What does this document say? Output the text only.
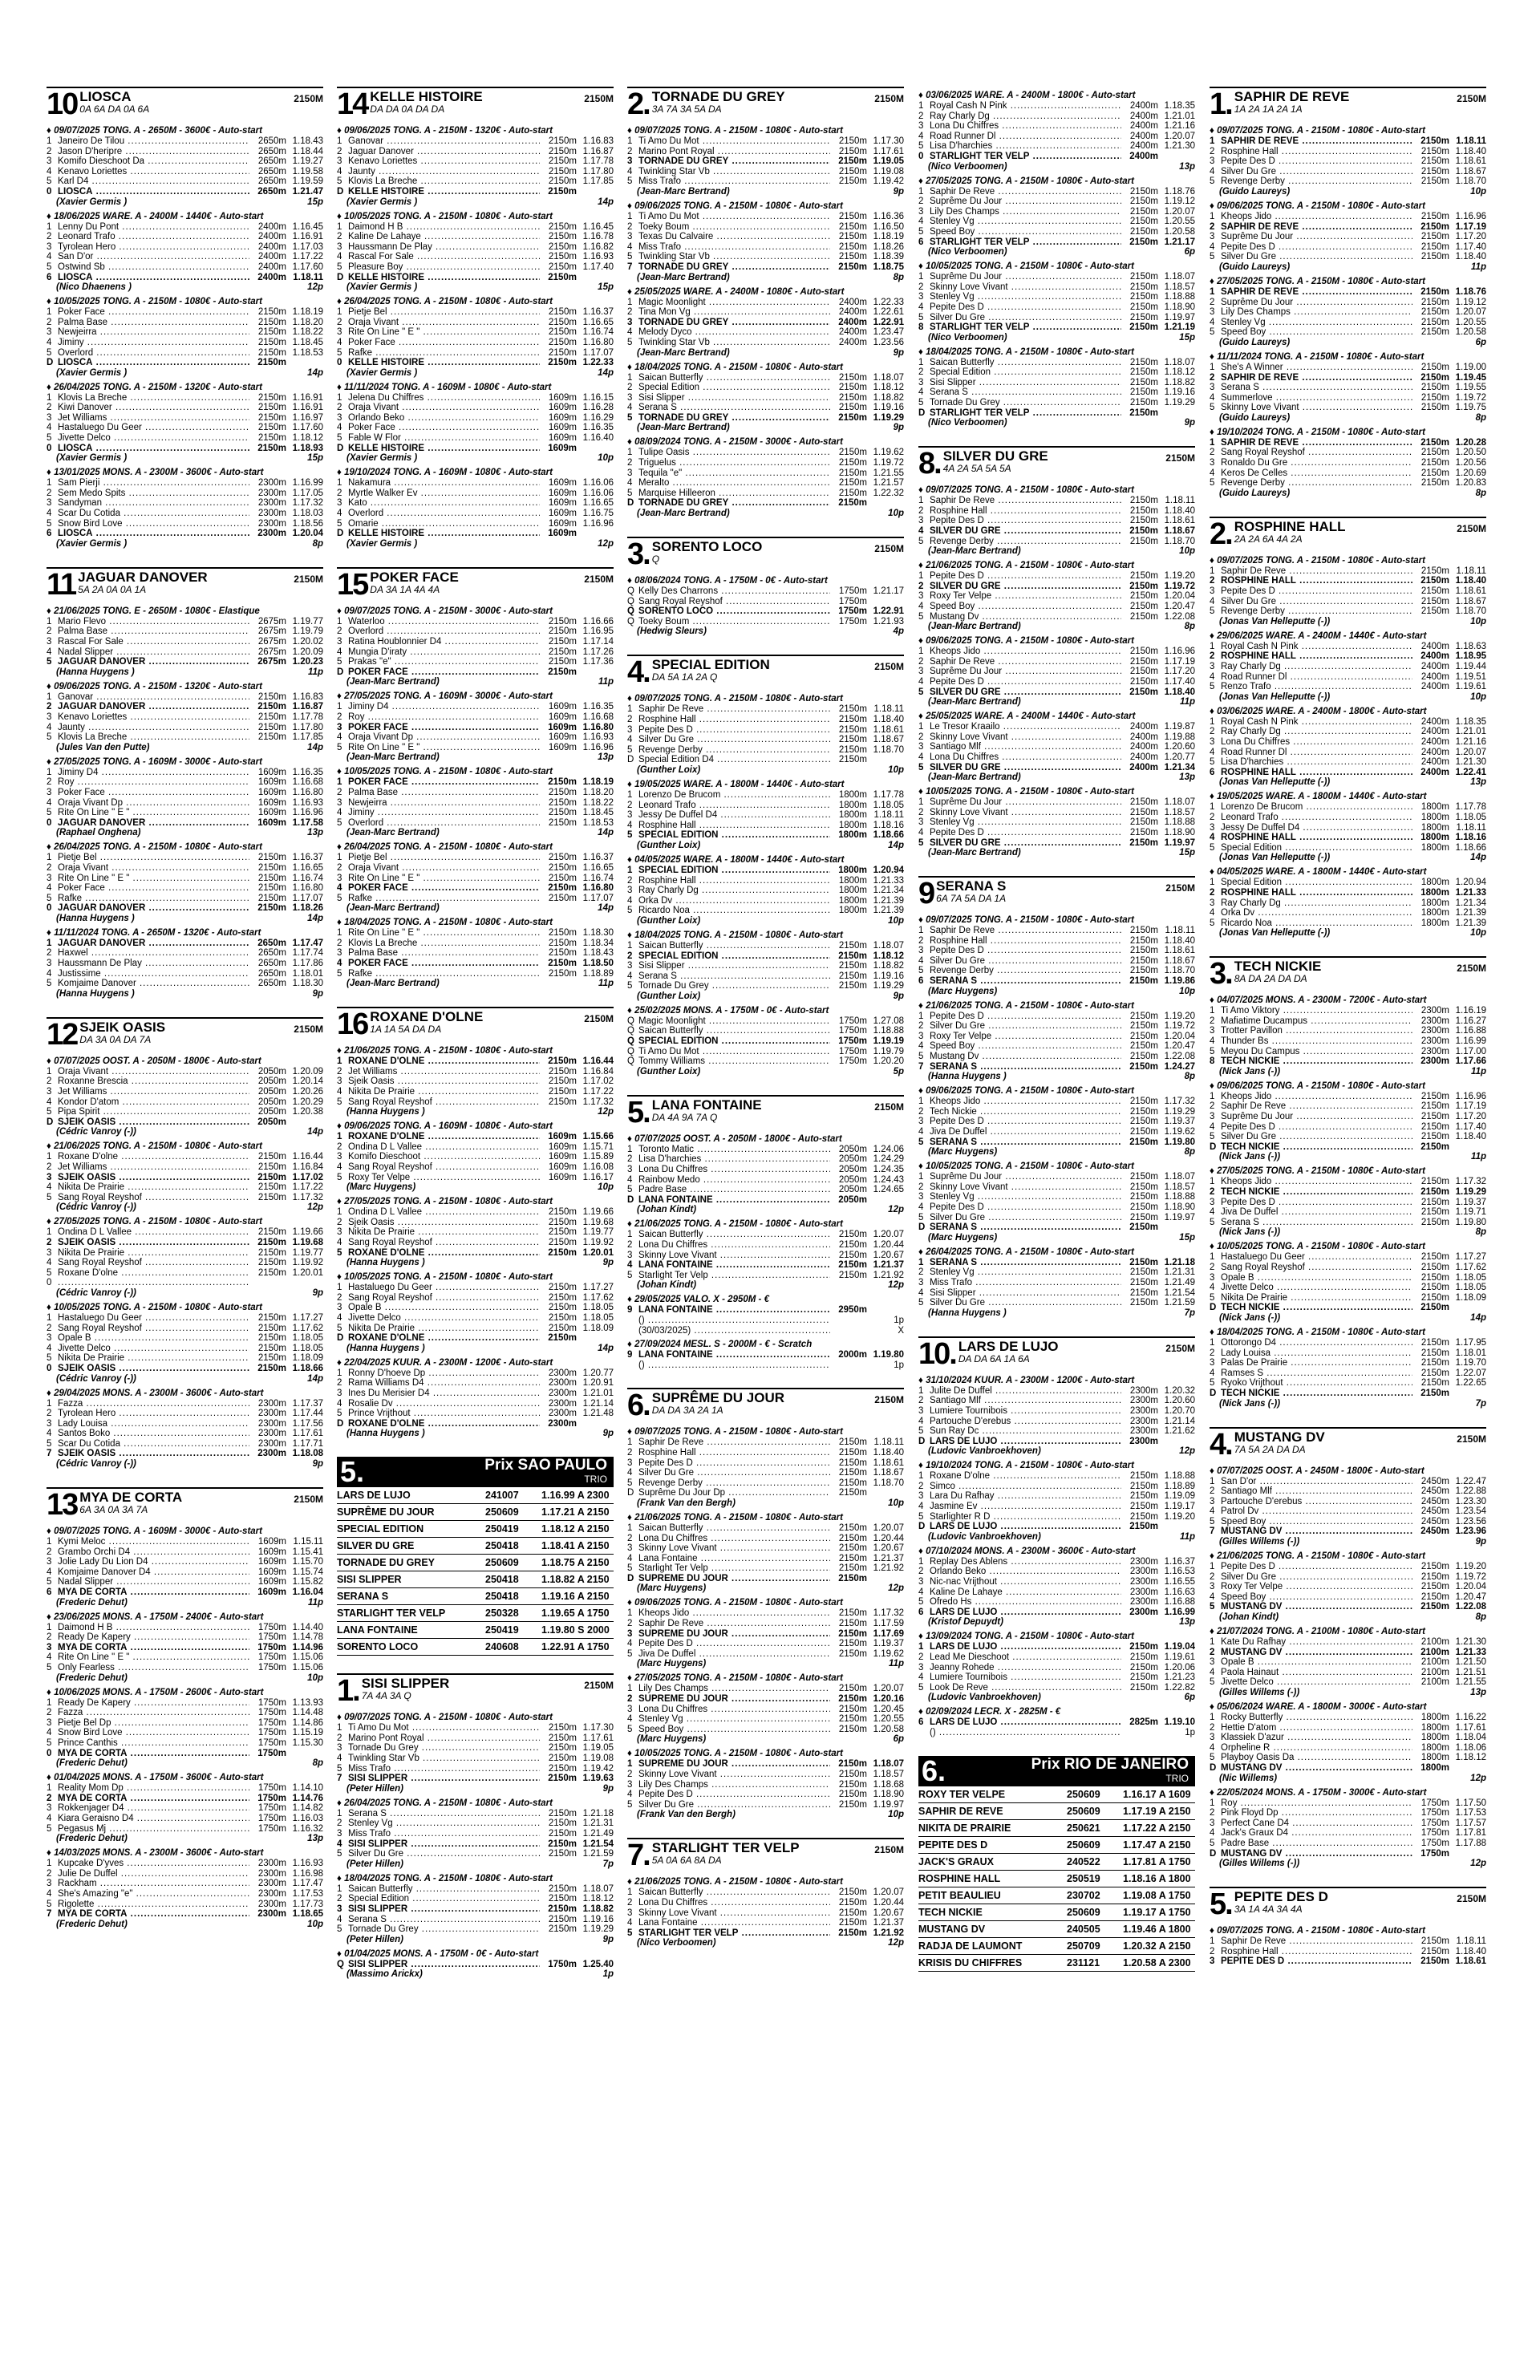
10 LIOSCA
0A 6A DA 0A 6A
2150M
♦ 09/07/2025 TONG. A - 2650M - 3600€ - Auto-start
1 Janeiro De Tilou .....	2650m 1.18.43
2 Jason D'heripre .....	2650m 1.18.44
3 Komifo Dieschoot Da .....	2650m 1.19.27
4 Kenavo Loriettes .....	2650m 1.19.58
5 Karl D4 .....	2650m 1.19.59
0 LIOSCA .....	2650m 1.21.47
(Xavier Germis )	15p
♦ 18/06/2025 WARE. A - 2400M - 1440€ - Auto-start
1 Lenny Du Pont .....	2400m 1.16.45
2 Leonard Trafo .....	2400m 1.16.91
3 Tyrolean Hero .....	2400m 1.17.03
4 San D'or .....	2400m 1.17.22
5 Ostwind Sb .....	2400m 1.17.60
6 LIOSCA .....	2400m 1.18.11
(Nico Dhaenens )	12p
♦ 10/05/2025 TONG. A - 2150M - 1080€ - Auto-start
1 Poker Face .....	2150m 1.18.19
2 Palma Base .....	2150m 1.18.20
3 Newjeirra .....	2150m 1.18.22
4 Jiminy .....	2150m 1.18.45
5 Overlord .....	2150m 1.18.53
D LIOSCA .....	2150m
(Xavier Germis )	14p
♦ 26/04/2025 TONG. A - 2150M - 1320€ - Auto-start
1 Klovis La Breche .....	2150m 1.16.91
2 Kiwi Danover .....	2150m 1.16.91
3 Jet Williams .....	2150m 1.16.97
4 Hastaluego Du Geer .....	2150m 1.17.60
5 Jivette Delco .....	2150m 1.18.12
0 LIOSCA .....	2150m 1.18.93
(Xavier Germis )	15p
♦ 13/01/2025 MONS. A - 2300M - 3600€ - Auto-start
1 Sam Pierji .....	2300m 1.16.99
2 Sem Medo Spits .....	2300m 1.17.05
3 Sandyman .....	2300m 1.17.32
4 Scar Du Cotida .....	2300m 1.18.03
5 Snow Bird Love .....	2300m 1.18.56
6 LIOSCA .....	2300m 1.20.04
(Xavier Germis )	8p
11 JAGUAR DANOVER
5A 2A 0A 0A 1A
2150M
♦ 21/06/2025 TONG. E - 2650M - 1080€ - Elastique
1 Mario Flevo .....	2675m 1.19.77
2 Palma Base .....	2675m 1.19.79
3 Rascal For Sale .....	2675m 1.20.02
4 Nadal Slipper .....	2675m 1.20.09
5 JAGUAR DANOVER .....	2675m 1.20.23
(Hanna Huygens )	11p
♦ 09/06/2025 TONG. A - 2150M - 1320€ - Auto-start
1 Ganovar .....	2150m 1.16.83
2 JAGUAR DANOVER .....	2150m 1.16.87
3 Kenavo Loriettes .....	2150m 1.17.78
4 Jaunty .....	2150m 1.17.80
5 Klovis La Breche .....	2150m 1.17.85
(Jules Van den Putte)	14p
♦ 27/05/2025 TONG. A - 1609M - 3000€ - Auto-start
1 Jiminy D4 .....	1609m 1.16.35
2 Roy .....	1609m 1.16.68
3 Poker Face .....	1609m 1.16.80
4 Oraja Vivant Dp .....	1609m 1.16.93
5 Rite On Line " E " .....	1609m 1.16.96
0 JAGUAR DANOVER .....	1609m 1.17.58
(Raphael Onghena)	13p
♦ 26/04/2025 TONG. A - 2150M - 1080€ - Auto-start
1 Pietje Bel .....	2150m 1.16.37
2 Oraja Vivant .....	2150m 1.16.65
3 Rite On Line " E " .....	2150m 1.16.74
4 Poker Face .....	2150m 1.16.80
5 Rafke .....	2150m 1.17.07
0 JAGUAR DANOVER .....	2150m 1.18.26
(Hanna Huygens )	14p
♦ 11/11/2024 TONG. A - 2650M - 1320€ - Auto-start
1 JAGUAR DANOVER .....	2650m 1.17.47
2 Haxwel .....	2650m 1.17.74
3 Haussmann De Play .....	2650m 1.17.86
4 Justissime .....	2650m 1.18.01
5 Komjaime Danover .....	2650m 1.18.30
(Hanna Huygens )	9p
12 SJEIK OASIS
DA 3A 0A DA 7A
2150M
♦ 07/07/2025 OOST. A - 2050M - 1800€ - Auto-start
1 Oraja Vivant .....	2050m 1.20.09
2 Roxanne Brescia .....	2050m 1.20.14
3 Jet Williams .....	2050m 1.20.26
4 Kondor D'atom .....	2050m 1.20.29
5 Pipa Spirit .....	2050m 1.20.38
D SJEIK OASIS .....	2050m
(Cédric Vanroy (-))	14p
♦ 21/06/2025 TONG. A - 2150M - 1080€ - Auto-start
1 Roxane D'olne .....	2150m 1.16.44
2 Jet Williams .....	2150m 1.16.84
3 SJEIK OASIS .....	2150m 1.17.02
4 Nikita De Prairie .....	2150m 1.17.22
5 Sang Royal Reyshof .....	2150m 1.17.32
(Cédric Vanroy (-))	12p
♦ 27/05/2025 TONG. A - 2150M - 1080€ - Auto-start
1 Ondina D L Vallee .....	2150m 1.19.66
2 SJEIK OASIS .....	2150m 1.19.68
3 Nikita De Prairie .....	2150m 1.19.77
4 Sang Royal Reyshof .....	2150m 1.19.92
5 Roxane D'olne .....	2150m 1.20.01
0
.....
(Cédric Vanroy (-))	9p
♦ 10/05/2025 TONG. A - 2150M - 1080€ - Auto-start
1 Hastaluego Du Geer .....	2150m 1.17.27
2 Sang Royal Reyshof .....	2150m 1.17.62
3 Opale B .....	2150m 1.18.05
4 Jivette Delco .....	2150m 1.18.05
5 Nikita De Prairie .....	2150m 1.18.09
0 SJEIK OASIS .....	2150m 1.18.66
(Cédric Vanroy (-))	14p
♦ 29/04/2025 MONS. A - 2300M - 3600€ - Auto-start
1 Fazza .....	2300m 1.17.37
2 Tyrolean Hero .....	2300m 1.17.44
3 Lady Louisa .....	2300m 1.17.56
4 Santos Boko .....	2300m 1.17.61
5 Scar Du Cotida .....	2300m 1.17.71
7 SJEIK OASIS .....	2300m 1.18.08
(Cédric Vanroy (-))	9p
13 MYA DE CORTA
6A 3A 0A 3A 7A
2150M
♦ 09/07/2025 TONG. A - 1609M - 3000€ - Auto-start
1 Kymi Meloc .....	1609m 1.15.11
2 Grambo Orchi D4 .....	1609m 1.15.41
3 Jolie Lady Du Lion D4 .....	1609m 1.15.70
4 Komjaime Danover D4 .....	1609m 1.15.74
5 Nadal Slipper .....	1609m 1.15.82
6 MYA DE CORTA .....	1609m 1.16.04
(Frederic Dehut)	11p
♦ 23/06/2025 MONS. A - 1750M - 2400€ - Auto-start
1 Daimond H B .....	1750m 1.14.40
2 Ready De Kapery .....	1750m 1.14.78
3 MYA DE CORTA .....	1750m 1.14.96
4 Rite On Line " E " .....	1750m 1.15.06
5 Only Fearless .....	1750m 1.15.06
(Frederic Dehut)	10p
♦ 10/06/2025 MONS. A - 1750M - 2600€ - Auto-start
1 Ready De Kapery .....	1750m 1.13.93
2 Fazza .....	1750m 1.14.48
3 Pietje Bel Dp .....	1750m 1.14.86
4 Snow Bird Love .....	1750m 1.15.19
5 Prince Canthis .....	1750m 1.15.30
0 MYA DE CORTA .....	1750m
(Frederic Dehut)	8p
♦ 01/04/2025 MONS. A - 1750M - 3600€ - Auto-start
1 Reality Mom Dp .....	1750m 1.14.10
2 MYA DE CORTA .....	1750m 1.14.76
3 Rokkenjager D4 .....	1750m 1.14.82
4 Kiara Geraisno D4 .....	1750m 1.16.03
5 Pegasus Mj .....	1750m 1.16.32
(Frederic Dehut)	13p
♦ 14/03/2025 MONS. A - 2300M - 3600€ - Auto-start
1 Kupcake D'yves .....	2300m 1.16.93
2 Julie De Duffel .....	2300m 1.16.98
3 Rackham .....	2300m 1.17.47
4 She's Amazing "e" .....	2300m 1.17.53
5 Rigolette .....	2300m 1.17.73
7 MYA DE CORTA .....	2300m 1.18.65
(Frederic Dehut)	10p
14 KELLE HISTOIRE
DA DA 0A DA DA
2150M
♦ 09/06/2025 TONG. A - 2150M - 1320€ - Auto-start
1 Ganovar .....	2150m 1.16.83
2 Jaguar Danover .....	2150m 1.16.87
3 Kenavo Loriettes .....	2150m 1.17.78
4 Jaunty .....	2150m 1.17.80
5 Klovis La Breche .....	2150m 1.17.85
D KELLE HISTOIRE .....	2150m
(Xavier Germis )	14p
♦ 10/05/2025 TONG. A - 2150M - 1080€ - Auto-start
1 Daimond H B .....	2150m 1.16.45
2 Kaline De Lahaye .....	2150m 1.16.78
3 Haussmann De Play .....	2150m 1.16.82
4 Rascal For Sale .....	2150m 1.16.93
5 Pleasure Boy .....	2150m 1.17.40
D KELLE HISTOIRE .....	2150m
(Xavier Germis )	15p
♦ 26/04/2025 TONG. A - 2150M - 1080€ - Auto-start
1 Pietje Bel .....	2150m 1.16.37
2 Oraja Vivant .....	2150m 1.16.65
3 Rite On Line " E " .....	2150m 1.16.74
4 Poker Face .....	2150m 1.16.80
5 Rafke .....	2150m 1.17.07
0 KELLE HISTOIRE .....	2150m 1.22.33
(Xavier Germis )	14p
♦ 11/11/2024 TONG. A - 1609M - 1080€ - Auto-start
1 Jelena Du Chiffres .....	1609m 1.16.15
2 Oraja Vivant .....	1609m 1.16.28
3 Orlando Beko .....	1609m 1.16.29
4 Poker Face .....	1609m 1.16.35
5 Fable W Flor .....	1609m 1.16.40
D KELLE HISTOIRE .....	1609m
(Xavier Germis )	10p
♦ 19/10/2024 TONG. A - 1609M - 1080€ - Auto-start
1 Nakamura .....	1609m 1.16.06
2 Myrtle Walker Ev .....	1609m 1.16.06
3 Kato .....	1609m 1.16.65
4 Overlord .....	1609m 1.16.75
5 Omarie .....	1609m 1.16.96
D KELLE HISTOIRE .....	1609m
(Xavier Germis )	12p
15 POKER FACE
DA 3A 1A 4A 4A
2150M
♦ 09/07/2025 TONG. A - 2150M - 3000€ - Auto-start
1 Waterloo .....	2150m 1.16.66
2 Overlord .....	2150m 1.16.95
3 Ratina Houblonnier D4 .....	2150m 1.17.14
4 Mungia D'iraty .....	2150m 1.17.26
5 Prakas "e" .....	2150m 1.17.36
D POKER FACE .....	2150m
(Jean-Marc Bertrand)	11p
♦ 27/05/2025 TONG. A - 1609M - 3000€ - Auto-start
1 Jiminy D4 .....	1609m 1.16.35
2 Roy .....	1609m 1.16.68
3 POKER FACE .....	1609m 1.16.80
4 Oraja Vivant Dp .....	1609m 1.16.93
5 Rite On Line " E " .....	1609m 1.16.96
(Jean-Marc Bertrand)	13p
♦ 10/05/2025 TONG. A - 2150M - 1080€ - Auto-start
1 POKER FACE .....	2150m 1.18.19
2 Palma Base .....	2150m 1.18.20
3 Newjeirra .....	2150m 1.18.22
4 Jiminy .....	2150m 1.18.45
5 Overlord .....	2150m 1.18.53
(Jean-Marc Bertrand)	14p
♦ 26/04/2025 TONG. A - 2150M - 1080€ - Auto-start
1 Pietje Bel .....	2150m 1.16.37
2 Oraja Vivant .....	2150m 1.16.65
3 Rite On Line " E " .....	2150m 1.16.74
4 POKER FACE .....	2150m 1.16.80
5 Rafke .....	2150m 1.17.07
(Jean-Marc Bertrand)	14p
♦ 18/04/2025 TONG. A - 2150M - 1080€ - Auto-start
1 Rite On Line " E " .....	2150m 1.18.30
2 Klovis La Breche .....	2150m 1.18.34
3 Palma Base .....	2150m 1.18.43
4 POKER FACE .....	2150m 1.18.50
5 Rafke .....	2150m 1.18.89
(Jean-Marc Bertrand)	11p
16 ROXANE D'OLNE
1A 1A 5A DA DA
2150M
♦ 21/06/2025 TONG. A - 2150M - 1080€ - Auto-start
1 ROXANE D'OLNE .....	2150m 1.16.44
2 Jet Williams .....	2150m 1.16.84
3 Sjeik Oasis .....	2150m 1.17.02
4 Nikita De Prairie .....	2150m 1.17.22
5 Sang Royal Reyshof .....	2150m 1.17.32
(Hanna Huygens )	12p
♦ 09/06/2025 TONG. A - 1609M - 1080€ - Auto-start
1 ROXANE D'OLNE .....	1609m 1.15.66
2 Ondina D L Vallee .....	1609m 1.15.71
3 Komifo Dieschoot .....	1609m 1.15.89
4 Sang Royal Reyshof .....	1609m 1.16.08
5 Roxy Ter Velpe .....	1609m 1.16.17
(Marc Huygens)	10p
♦ 27/05/2025 TONG. A - 2150M - 1080€ - Auto-start
1 Ondina D L Vallee .....	2150m 1.19.66
2 Sjeik Oasis .....	2150m 1.19.68
3 Nikita De Prairie .....	2150m 1.19.77
4 Sang Royal Reyshof .....	2150m 1.19.92
5 ROXANE D'OLNE .....	2150m 1.20.01
(Hanna Huygens )	9p
♦ 10/05/2025 TONG. A - 2150M - 1080€ - Auto-start
1 Hastaluego Du Geer .....	2150m 1.17.27
2 Sang Royal Reyshof .....	2150m 1.17.62
3 Opale B .....	2150m 1.18.05
4 Jivette Delco .....	2150m 1.18.05
5 Nikita De Prairie .....	2150m 1.18.09
D ROXANE D'OLNE .....	2150m
(Hanna Huygens )	14p
♦ 22/04/2025 KUUR. A - 2300M - 1200€ - Auto-start
1 Ronny D'hoeve Dp .....	2300m 1.20.77
2 Rama Williams D4 .....	2300m 1.20.91
3 Ines Du Merisier D4 .....	2300m 1.21.01
4 Rosalie Dv .....	2300m 1.21.14
5 Prince Vrijthout .....	2300m 1.21.48
D ROXANE D'OLNE .....	2300m
(Hanna Huygens )	9p
5 .	Prix SAO PAULO
TRIO
LARS DE LUJO	241007	1.16.99 A 2300
SUPRÊME DU JOUR	250609	1.17.21 A 2150
SPECIAL EDITION	250419	1.18.12 A 2150
SILVER DU GRE	250418	1.18.41 A 2150
TORNADE DU GREY	250609	1.18.75 A 2150
SISI SLIPPER	250418	1.18.82 A 2150
SERANA S	250418	1.19.16 A 2150
STARLIGHT TER VELP	250328	1.19.65 A 1750
LANA FONTAINE	250419	1.19.80 S 2000
SORENTO LOCO	240608	1.22.91 A 1750
1 . SISI SLIPPER
7A 4A 3A Q
2150M
♦ 09/07/2025 TONG. A - 2150M - 1080€ - Auto-start
1 Ti Amo Du Mot .....	2150m 1.17.30
2 Marino Pont Royal .....	2150m 1.17.61
3 Tornade Du Grey .....	2150m 1.19.05
4 Twinkling Star Vb .....	2150m 1.19.08
5 Miss Trafo .....	2150m 1.19.42
7 SISI SLIPPER .....	2150m 1.19.63
(Peter Hillen)	9p
♦ 26/04/2025 TONG. A - 2150M - 1080€ - Auto-start
1 Serana S .....	2150m 1.21.18
2 Stenley Vg .....	2150m 1.21.31
3 Miss Trafo .....	2150m 1.21.49
4 SISI SLIPPER .....	2150m 1.21.54
5 Silver Du Gre .....	2150m 1.21.59
(Peter Hillen)	7p
♦ 18/04/2025 TONG. A - 2150M - 1080€ - Auto-start
1 Saican Butterfly .....	2150m 1.18.07
2 Special Edition .....	2150m 1.18.12
3 SISI SLIPPER .....	2150m 1.18.82
4 Serana S .....	2150m 1.19.16
5 Tornade Du Grey .....	2150m 1.19.29
(Peter Hillen)	9p
♦ 01/04/2025 MONS. A - 1750M - 0€ - Auto-start
Q SISI SLIPPER .....	1750m 1.25.40
(Massimo Arickx)	1p
2 . TORNADE DU GREY
3A 7A 3A 5A DA
2150M
♦ 09/07/2025 TONG. A - 2150M - 1080€ - Auto-start
1 Ti Amo Du Mot .....	2150m 1.17.30
2 Marino Pont Royal .....	2150m 1.17.61
3 TORNADE DU GREY .....	2150m 1.19.05
4 Twinkling Star Vb .....	2150m 1.19.08
5 Miss Trafo .....	2150m 1.19.42
(Jean-Marc Bertrand)	9p
♦ 09/06/2025 TONG. A - 2150M - 1080€ - Auto-start
1 Ti Amo Du Mot .....	2150m 1.16.36
2 Toeky Boum .....	2150m 1.16.50
3 Texas Du Calvaire .....	2150m 1.18.19
4 Miss Trafo .....	2150m 1.18.26
5 Twinkling Star Vb .....	2150m 1.18.39
7 TORNADE DU GREY .....	2150m 1.18.75
(Jean-Marc Bertrand)	8p
♦ 25/05/2025 WARE. A - 2400M - 1080€ - Auto-start
1 Magic Moonlight .....	2400m 1.22.33
2 Tina Mon Vg .....	2400m 1.22.61
3 TORNADE DU GREY .....	2400m 1.22.91
4 Melody Dyco .....	2400m 1.23.47
5 Twinkling Star Vb .....	2400m 1.23.56
(Jean-Marc Bertrand)	9p
♦ 18/04/2025 TONG. A - 2150M - 1080€ - Auto-start
1 Saican Butterfly .....	2150m 1.18.07
2 Special Edition .....	2150m 1.18.12
3 Sisi Slipper .....	2150m 1.18.82
4 Serana S .....	2150m 1.19.16
5 TORNADE DU GREY .....	2150m 1.19.29
(Jean-Marc Bertrand)	9p
♦ 08/09/2024 TONG. A - 2150M - 3000€ - Auto-start
1 Tulipe Oasis .....	2150m 1.19.62
2 Triguelus .....	2150m 1.19.72
3 Tequila "e" .....	2150m 1.21.55
4 Meralto .....	2150m 1.21.57
5 Marquise Hilleeron .....	2150m 1.22.32
D TORNADE DU GREY .....	2150m
(Jean-Marc Bertrand)	10p
3 . SORENTO LOCO
Q
2150M
♦ 08/06/2024 TONG. A - 1750M - 0€ - Auto-start
Q Kelly Des Charrons .....	1750m 1.21.17
Q Sang Royal Reyshof .....	1750m
Q SORENTO LOCO .....	1750m 1.22.91
Q Toeky Boum .....	1750m 1.21.93
(Hedwig Sleurs)	4p
4 . SPECIAL EDITION
DA 5A 1A 2A Q
2150M
♦ 09/07/2025 TONG. A - 2150M - 1080€ - Auto-start
1 Saphir De Reve .....	2150m 1.18.11
2 Rosphine Hall .....	2150m 1.18.40
3 Pepite Des D .....	2150m 1.18.61
4 Silver Du Gre .....	2150m 1.18.67
5 Revenge Derby .....	2150m 1.18.70
D Special Edition D4 .....	2150m
(Gunther Loix)	10p
♦ 19/05/2025 WARE. A - 1800M - 1440€ - Auto-start
1 Lorenzo De Brucom .....	1800m 1.17.78
2 Leonard Trafo .....	1800m 1.18.05
3 Jessy De Duffel D4 .....	1800m 1.18.11
4 Rosphine Hall .....	1800m 1.18.16
5 SPECIAL EDITION .....	1800m 1.18.66
(Gunther Loix)	14p
♦ 04/05/2025 WARE. A - 1800M - 1440€ - Auto-start
1 SPECIAL EDITION .....	1800m 1.20.94
2 Rosphine Hall .....	1800m 1.21.33
3 Ray Charly Dg .....	1800m 1.21.34
4 Orka Dv .....	1800m 1.21.39
5 Ricardo Noa .....	1800m 1.21.39
(Gunther Loix)	10p
♦ 18/04/2025 TONG. A - 2150M - 1080€ - Auto-start
1 Saican Butterfly .....	2150m 1.18.07
2 SPECIAL EDITION .....	2150m 1.18.12
3 Sisi Slipper .....	2150m 1.18.82
4 Serana S .....	2150m 1.19.16
5 Tornade Du Grey .....	2150m 1.19.29
(Gunther Loix)	9p
♦ 25/02/2025 MONS. A - 1750M - 0€ - Auto-start
Q Magic Moonlight .....	1750m 1.27.08
Q Saican Butterfly .....	1750m 1.18.88
Q SPECIAL EDITION .....	1750m 1.19.19
Q Ti Amo Du Mot .....	1750m 1.19.79
Q Tommy Williams .....	1750m 1.20.20
(Gunther Loix)	5p
5 . LANA FONTAINE
DA 4A 9A 7A Q
2150M
♦ 07/07/2025 OOST. A - 2050M - 1800€ - Auto-start
1 Toronto Matic .....	2050m 1.24.06
2 Lisa D'harchies .....	2050m 1.24.29
3 Lona Du Chiffres .....	2050m 1.24.35
4 Rainbow Medo .....	2050m 1.24.43
5 Padre Base .....	2050m 1.24.65
D LANA FONTAINE .....	2050m
(Johan Kindt)	12p
♦ 21/06/2025 TONG. A - 2150M - 1080€ - Auto-start
1 Saican Butterfly .....	2150m 1.20.07
2 Lona Du Chiffres .....	2150m 1.20.44
3 Skinny Love Vivant .....	2150m 1.20.67
4 LANA FONTAINE .....	2150m 1.21.37
5 Starlight Ter Velp .....	2150m 1.21.92
(Johan Kindt)	12p
♦ 29/05/2025 VALO. X - 2950M - €
9 LANA FONTAINE .....	2950m
() .....	1p
(30/03/2025) .....	X
♦ 27/09/2024 MESL. S - 2000M - € - Scratch
9 LANA FONTAINE .....	2000m 1.19.80
() .....	1p
6 . SUPRÊME DU JOUR
DA DA 3A 2A 1A
2150M
♦ 09/07/2025 TONG. A - 2150M - 1080€ - Auto-start
1 Saphir De Reve .....	2150m 1.18.11
2 Rosphine Hall .....	2150m 1.18.40
3 Pepite Des D .....	2150m 1.18.61
4 Silver Du Gre .....	2150m 1.18.67
5 Revenge Derby .....	2150m 1.18.70
D Suprême Du Jour Dp .....	2150m
(Frank Van den Bergh)	10p
♦ 21/06/2025 TONG. A - 2150M - 1080€ - Auto-start
1 Saican Butterfly .....	2150m 1.20.07
2 Lona Du Chiffres .....	2150m 1.20.44
3 Skinny Love Vivant .....	2150m 1.20.67
4 Lana Fontaine .....	2150m 1.21.37
5 Starlight Ter Velp .....	2150m 1.21.92
D SUPRÊME DU JOUR .....	2150m
(Marc Huygens)	12p
♦ 09/06/2025 TONG. A - 2150M - 1080€ - Auto-start
1 Kheops Jido .....	2150m 1.17.32
2 Saphir De Reve .....	2150m 1.17.59
3 SUPRÊME DU JOUR .....	2150m 1.17.69
4 Pepite Des D .....	2150m 1.19.37
5 Jiva De Duffel .....	2150m 1.19.62
(Marc Huygens)	11p
♦ 27/05/2025 TONG. A - 2150M - 1080€ - Auto-start
1 Lily Des Champs .....	2150m 1.20.07
2 SUPRÊME DU JOUR .....	2150m 1.20.16
3 Lona Du Chiffres .....	2150m 1.20.45
4 Stenley Vg .....	2150m 1.20.55
5 Speed Boy .....	2150m 1.20.58
(Marc Huygens)	6p
♦ 10/05/2025 TONG. A - 2150M - 1080€ - Auto-start
1 SUPRÊME DU JOUR .....	2150m 1.18.07
2 Skinny Love Vivant .....	2150m 1.18.57
3 Lily Des Champs .....	2150m 1.18.68
4 Pepite Des D .....	2150m 1.18.90
5 Silver Du Gre .....	2150m 1.19.97
(Frank Van den Bergh)	10p
7 . STARLIGHT TER VELP
5A 0A 6A 8A DA
2150M
♦ 21/06/2025 TONG. A - 2150M - 1080€ - Auto-start
1 Saican Butterfly .....	2150m 1.20.07
2 Lona Du Chiffres .....	2150m 1.20.44
3 Skinny Love Vivant .....	2150m 1.20.67
4 Lana Fontaine .....	2150m 1.21.37
5 STARLIGHT TER VELP .....	2150m 1.21.92
(Nico Verboomen)	12p
♦ 03/06/2025 WARE. A - 2400M - 1800€ - Auto-start
1 Royal Cash N Pink .....	2400m 1.18.35
2 Ray Charly Dg .....	2400m 1.21.01
3 Lona Du Chiffres .....	2400m 1.21.16
4 Road Runner Dl .....	2400m 1.20.07
5 Lisa D'harchies .....	2400m 1.21.30
0 STARLIGHT TER VELP .....	2400m
(Nico Verboomen)	13p
♦ 27/05/2025 TONG. A - 2150M - 1080€ - Auto-start
1 Saphir De Reve .....	2150m 1.18.76
2 Suprême Du Jour .....	2150m 1.19.12
3 Lily Des Champs .....	2150m 1.20.07
4 Stenley Vg .....	2150m 1.20.55
5 Speed Boy .....	2150m 1.20.58
6 STARLIGHT TER VELP .....	2150m 1.21.17
(Nico Verboomen)	6p
♦ 10/05/2025 TONG. A - 2150M - 1080€ - Auto-start
1 Suprême Du Jour .....	2150m 1.18.07
2 Skinny Love Vivant .....	2150m 1.18.57
3 Stenley Vg .....	2150m 1.18.88
4 Pepite Des D .....	2150m 1.18.90
5 Silver Du Gre .....	2150m 1.19.97
8 STARLIGHT TER VELP .....	2150m 1.21.19
(Nico Verboomen)	15p
♦ 18/04/2025 TONG. A - 2150M - 1080€ - Auto-start
1 Saican Butterfly .....	2150m 1.18.07
2 Special Edition .....	2150m 1.18.12
3 Sisi Slipper .....	2150m 1.18.82
4 Serana S .....	2150m 1.19.16
5 Tornade Du Grey .....	2150m 1.19.29
D STARLIGHT TER VELP .....	2150m
(Nico Verboomen)	9p
8 . SILVER DU GRE
4A 2A 5A 5A 5A
2150M
♦ 09/07/2025 TONG. A - 2150M - 1080€ - Auto-start
1 Saphir De Reve .....	2150m 1.18.11
2 Rosphine Hall .....	2150m 1.18.40
3 Pepite Des D .....	2150m 1.18.61
4 SILVER DU GRE .....	2150m 1.18.67
5 Revenge Derby .....	2150m 1.18.70
(Jean-Marc Bertrand)	10p
♦ 21/06/2025 TONG. A - 2150M - 1080€ - Auto-start
1 Pepite Des D .....	2150m 1.19.20
2 SILVER DU GRE .....	2150m 1.19.72
3 Roxy Ter Velpe .....	2150m 1.20.04
4 Speed Boy .....	2150m 1.20.47
5 Mustang Dv .....	2150m 1.22.08
(Jean-Marc Bertrand)	8p
♦ 09/06/2025 TONG. A - 2150M - 1080€ - Auto-start
1 Kheops Jido .....	2150m 1.16.96
2 Saphir De Reve .....	2150m 1.17.19
3 Suprême Du Jour .....	2150m 1.17.20
4 Pepite Des D .....	2150m 1.17.40
5 SILVER DU GRE .....	2150m 1.18.40
(Jean-Marc Bertrand)	11p
♦ 25/05/2025 WARE. A - 2400M - 1440€ - Auto-start
1 Le Tresor Kraailo .....	2400m 1.19.87
2 Skinny Love Vivant .....	2400m 1.19.88
3 Santiago Mlf .....	2400m 1.20.60
4 Lona Du Chiffres .....	2400m 1.20.77
5 SILVER DU GRE .....	2400m 1.21.34
(Jean-Marc Bertrand)	13p
♦ 10/05/2025 TONG. A - 2150M - 1080€ - Auto-start
1 Suprême Du Jour .....	2150m 1.18.07
2 Skinny Love Vivant .....	2150m 1.18.57
3 Stenley Vg .....	2150m 1.18.88
4 Pepite Des D .....	2150m 1.18.90
5 SILVER DU GRE .....	2150m 1.19.97
(Jean-Marc Bertrand)	15p
9 SERANA S
6A 7A 5A DA 1A
2150M
♦ 09/07/2025 TONG. A - 2150M - 1080€ - Auto-start
1 Saphir De Reve .....	2150m 1.18.11
2 Rosphine Hall .....	2150m 1.18.40
3 Pepite Des D .....	2150m 1.18.61
4 Silver Du Gre .....	2150m 1.18.67
5 Revenge Derby .....	2150m 1.18.70
6 SERANA S .....	2150m 1.19.86
(Marc Huygens)	10p
♦ 21/06/2025 TONG. A - 2150M - 1080€ - Auto-start
1 Pepite Des D .....	2150m 1.19.20
2 Silver Du Gre .....	2150m 1.19.72
3 Roxy Ter Velpe .....	2150m 1.20.04
4 Speed Boy .....	2150m 1.20.47
5 Mustang Dv .....	2150m 1.22.08
7 SERANA S .....	2150m 1.24.27
(Hanna Huygens )	8p
♦ 09/06/2025 TONG. A - 2150M - 1080€ - Auto-start
1 Kheops Jido .....	2150m 1.17.32
2 Tech Nickie .....	2150m 1.19.29
3 Pepite Des D .....	2150m 1.19.37
4 Jiva De Duffel .....	2150m 1.19.62
5 SERANA S .....	2150m 1.19.80
(Marc Huygens)	8p
♦ 10/05/2025 TONG. A - 2150M - 1080€ - Auto-start
1 Suprême Du Jour .....	2150m 1.18.07
2 Skinny Love Vivant .....	2150m 1.18.57
3 Stenley Vg .....	2150m 1.18.88
4 Pepite Des D .....	2150m 1.18.90
5 Silver Du Gre .....	2150m 1.19.97
D SERANA S .....	2150m
(Marc Huygens)	15p
♦ 26/04/2025 TONG. A - 2150M - 1080€ - Auto-start
1 SERANA S .....	2150m 1.21.18
2 Stenley Vg .....	2150m 1.21.31
3 Miss Trafo .....	2150m 1.21.49
4 Sisi Slipper .....	2150m 1.21.54
5 Silver Du Gre .....	2150m 1.21.59
(Hanna Huygens )	7p
10 . LARS DE LUJO
DA DA 6A 1A 6A
2150M
♦ 31/10/2024 KUUR. A - 2300M - 1200€ - Auto-start
1 Julite De Duffel .....	2300m 1.20.32
2 Santiago Mlf .....	2300m 1.20.60
3 Lumiere Tournibois .....	2300m 1.20.70
4 Partouche D'erebus .....	2300m 1.21.14
5 Sun Ray Dc .....	2300m 1.21.62
D LARS DE LUJO .....	2300m
(Ludovic Vanbroekhoven)	12p
♦ 19/10/2024 TONG. A - 2150M - 1080€ - Auto-start
1 Roxane D'olne .....	2150m 1.18.88
2 Simco .....	2150m 1.18.89
3 Lara Du Rafhay .....	2150m 1.19.09
4 Jasmine Ev .....	2150m 1.19.17
5 Starlighter R D .....	2150m 1.19.20
D LARS DE LUJO .....	2150m
(Ludovic Vanbroekhoven)	11p
♦ 07/10/2024 MONS. A - 2300M - 3600€ - Auto-start
1 Replay Des Ablens .....	2300m 1.16.37
2 Orlando Beko .....	2300m 1.16.53
3 Nic-nac Vrijthout .....	2300m 1.16.55
4 Kaline De Lahaye .....	2300m 1.16.63
5 Ofredo Hs .....	2300m 1.16.88
6 LARS DE LUJO .....	2300m 1.16.99
(Kristof Depuydt)	13p
♦ 13/09/2024 TONG. A - 2150M - 1080€ - Auto-start
1 LARS DE LUJO .....	2150m 1.19.04
2 Lead Me Dieschoot .....	2150m 1.19.61
3 Jeanny Rohede .....	2150m 1.20.06
4 Lumiere Tournibois .....	2150m 1.21.23
5 Look De Reve .....	2150m 1.22.82
(Ludovic Vanbroekhoven)	6p
♦ 02/09/2024 LECR. X - 2825M - €
6 LARS DE LUJO .....	2825m 1.19.10
() .....	1p
6 .	Prix RIO DE JANEIRO
TRIO
ROXY TER VELPE	250609	1.16.17 A 1609
SAPHIR DE REVE	250609	1.17.19 A 2150
NIKITA DE PRAIRIE	250621	1.17.22 A 2150
PEPITE DES D	250609	1.17.47 A 2150
JACK'S GRAUX	240522	1.17.81 A 1750
ROSPHINE HALL	250519	1.18.16 A 1800
PETIT BEAULIEU	230702	1.19.08 A 1750
TECH NICKIE	250609	1.19.17 A 1750
MUSTANG DV	240505	1.19.46 A 1800
RADJA DE LAUMONT	250709	1.20.32 A 2150
KRISIS DU CHIFFRES	231121	1.20.58 A 2300
1 . SAPHIR DE REVE
1A 2A 1A 2A 1A
2150M
♦ 09/07/2025 TONG. A - 2150M - 1080€ - Auto-start
1 SAPHIR DE REVE .....	2150m 1.18.11
2 Rosphine Hall .....	2150m 1.18.40
3 Pepite Des D .....	2150m 1.18.61
4 Silver Du Gre .....	2150m 1.18.67
5 Revenge Derby .....	2150m 1.18.70
(Guido Laureys)	10p
♦ 09/06/2025 TONG. A - 2150M - 1080€ - Auto-start
1 Kheops Jido .....	2150m 1.16.96
2 SAPHIR DE REVE .....	2150m 1.17.19
3 Suprême Du Jour .....	2150m 1.17.20
4 Pepite Des D .....	2150m 1.17.40
5 Silver Du Gre .....	2150m 1.18.40
(Guido Laureys)	11p
♦ 27/05/2025 TONG. A - 2150M - 1080€ - Auto-start
1 SAPHIR DE REVE .....	2150m 1.18.76
2 Suprême Du Jour .....	2150m 1.19.12
3 Lily Des Champs .....	2150m 1.20.07
4 Stenley Vg .....	2150m 1.20.55
5 Speed Boy .....	2150m 1.20.58
(Guido Laureys)	6p
♦ 11/11/2024 TONG. A - 2150M - 1080€ - Auto-start
1 She's A Winner .....	2150m 1.19.00
2 SAPHIR DE REVE .....	2150m 1.19.45
3 Serana S .....	2150m 1.19.55
4 Summerlove .....	2150m 1.19.72
5 Skinny Love Vivant .....	2150m 1.19.75
(Guido Laureys)	8p
♦ 19/10/2024 TONG. A - 2150M - 1080€ - Auto-start
1 SAPHIR DE REVE .....	2150m 1.20.28
2 Sang Royal Reyshof .....	2150m 1.20.50
3 Ronaldo Du Gre .....	2150m 1.20.56
4 Keros De Celles .....	2150m 1.20.69
5 Revenge Derby .....	2150m 1.20.83
(Guido Laureys)	8p
2 . ROSPHINE HALL
2A 2A 6A 4A 2A
2150M
♦ 09/07/2025 TONG. A - 2150M - 1080€ - Auto-start
1 Saphir De Reve .....	2150m 1.18.11
2 ROSPHINE HALL .....	2150m 1.18.40
3 Pepite Des D .....	2150m 1.18.61
4 Silver Du Gre .....	2150m 1.18.67
5 Revenge Derby .....	2150m 1.18.70
(Jonas Van Helleputte (-))	10p
♦ 29/06/2025 WARE. A - 2400M - 1440€ - Auto-start
1 Royal Cash N Pink .....	2400m 1.18.63
2 ROSPHINE HALL .....	2400m 1.18.95
3 Ray Charly Dg .....	2400m 1.19.44
4 Road Runner Dl .....	2400m 1.19.51
5 Renzo Trafo .....	2400m 1.19.61
(Jonas Van Helleputte (-))	10p
♦ 03/06/2025 WARE. A - 2400M - 1800€ - Auto-start
1 Royal Cash N Pink .....	2400m 1.18.35
2 Ray Charly Dg .....	2400m 1.21.01
3 Lona Du Chiffres .....	2400m 1.21.16
4 Road Runner Dl .....	2400m 1.20.07
5 Lisa D'harchies .....	2400m 1.21.30
6 ROSPHINE HALL .....	2400m 1.22.41
(Jonas Van Helleputte (-))	13p
♦ 19/05/2025 WARE. A - 1800M - 1440€ - Auto-start
1 Lorenzo De Brucom .....	1800m 1.17.78
2 Leonard Trafo .....	1800m 1.18.05
3 Jessy De Duffel D4 .....	1800m 1.18.11
4 ROSPHINE HALL .....	1800m 1.18.16
5 Special Edition .....	1800m 1.18.66
(Jonas Van Helleputte (-))	14p
♦ 04/05/2025 WARE. A - 1800M - 1440€ - Auto-start
1 Special Edition .....	1800m 1.20.94
2 ROSPHINE HALL .....	1800m 1.21.33
3 Ray Charly Dg .....	1800m 1.21.34
4 Orka Dv .....	1800m 1.21.39
5 Ricardo Noa .....	1800m 1.21.39
(Jonas Van Helleputte (-))	10p
3 . TECH NICKIE
8A DA 2A DA DA
2150M
♦ 04/07/2025 MONS. A - 2300M - 7200€ - Auto-start
1 Ti Amo Viktory .....	2300m 1.16.19
2 Mafiatime Ducampus .....	2300m 1.16.27
3 Trotter Pavillon .....	2300m 1.16.88
4 Thunder Bs .....	2300m 1.16.99
5 Meyou Du Campus .....	2300m 1.17.00
8 TECH NICKIE .....	2300m 1.17.66
(Nick Jans (-))	11p
♦ 09/06/2025 TONG. A - 2150M - 1080€ - Auto-start
1 Kheops Jido .....	2150m 1.16.96
2 Saphir De Reve .....	2150m 1.17.19
3 Suprême Du Jour .....	2150m 1.17.20
4 Pepite Des D .....	2150m 1.17.40
5 Silver Du Gre .....	2150m 1.18.40
D TECH NICKIE .....	2150m
(Nick Jans (-))	11p
♦ 27/05/2025 TONG. A - 2150M - 1080€ - Auto-start
1 Kheops Jido .....	2150m 1.17.32
2 TECH NICKIE .....	2150m 1.19.29
3 Pepite Des D .....	2150m 1.19.37
4 Jiva De Duffel .....	2150m 1.19.71
5 Serana S .....	2150m 1.19.80
(Nick Jans (-))	8p
♦ 10/05/2025 TONG. A - 2150M - 1080€ - Auto-start
1 Hastaluego Du Geer .....	2150m 1.17.27
2 Sang Royal Reyshof .....	2150m 1.17.62
3 Opale B .....	2150m 1.18.05
4 Jivette Delco .....	2150m 1.18.05
5 Nikita De Prairie .....	2150m 1.18.09
D TECH NICKIE .....	2150m
(Nick Jans (-))	14p
♦ 18/04/2025 TONG. A - 2150M - 1080€ - Auto-start
1 Ottorongo D4 .....	2150m 1.17.95
2 Lady Louisa .....	2150m 1.18.01
3 Palas De Prairie .....	2150m 1.19.70
4 Ramses S .....	2150m 1.22.07
5 Ryoko Vrijthout .....	2150m 1.22.65
D TECH NICKIE .....	2150m
(Nick Jans (-))	7p
4 . MUSTANG DV
7A 5A 2A DA DA
2150M
♦ 07/07/2025 OOST. A - 2450M - 1800€ - Auto-start
1 San D'or .....	2450m 1.22.47
2 Santiago Mlf .....	2450m 1.22.88
3 Partouche D'erebus .....	2450m 1.23.30
4 Patrol Dv .....	2450m 1.23.54
5 Speed Boy .....	2450m 1.23.56
7 MUSTANG DV .....	2450m 1.23.96
(Gilles Willems (-))	9p
♦ 21/06/2025 TONG. A - 2150M - 1080€ - Auto-start
1 Pepite Des D .....	2150m 1.19.20
2 Silver Du Gre .....	2150m 1.19.72
3 Roxy Ter Velpe .....	2150m 1.20.04
4 Speed Boy .....	2150m 1.20.47
5 MUSTANG DV .....	2150m 1.22.08
(Johan Kindt)	8p
♦ 21/07/2024 TONG. A - 2100M - 1080€ - Auto-start
1 Kate Du Rafhay .....	2100m 1.21.30
2 MUSTANG DV .....	2100m 1.21.33
3 Opale B .....	2100m 1.21.50
4 Paola Hainaut .....	2100m 1.21.51
5 Jivette Delco .....	2100m 1.21.55
(Gilles Willems (-))	13p
♦ 05/06/2024 WARE. A - 1800M - 3000€ - Auto-start
1 Rocky Butterfly .....	1800m 1.16.22
2 Hettie D'atom .....	1800m 1.17.61
3 Klassiek D'azur .....	1800m 1.18.04
4 Orpheline R .....	1800m 1.18.06
5 Playboy Oasis Da .....	1800m 1.18.12
D MUSTANG DV .....	1800m
(Nic Willems)	12p
♦ 22/05/2024 MONS. A - 1750M - 3000€ - Auto-start
1 Roy .....	1750m 1.17.50
2 Pink Floyd Dp .....	1750m 1.17.53
3 Perfect Cane D4 .....	1750m 1.17.57
4 Jack's Graux D4 .....	1750m 1.17.81
5 Padre Base .....	1750m 1.17.88
D MUSTANG DV .....	1750m
(Gilles Willems (-))	12p
5 . PEPITE DES D
3A 1A 4A 3A 4A
2150M
♦ 09/07/2025 TONG. A - 2150M - 1080€ - Auto-start
1 Saphir De Reve .....	2150m 1.18.11
2 Rosphine Hall .....	2150m 1.18.40
3 PEPITE DES D .....	2150m 1.18.61
